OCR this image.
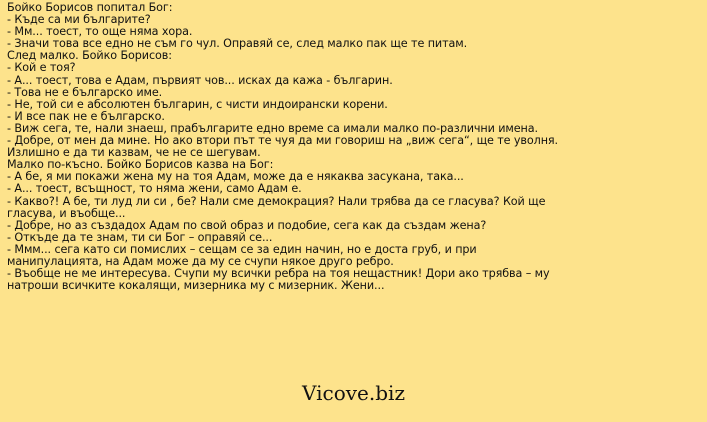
Бойко Борисов попитал Бог:
- Къде са ми българите?
- Мм... тоест, то още няма хора.
- Значи това все едно не съм го чул. Оправяй се, след малко пак ще те питам.
След малко. Бойко Борисов:
- Кой е тоя?
- А... тоест, това е Адам, първият чов... исках да кажа - българин.
- Това не е българско име.
- Не, той си е абсолютен българин, с чисти индоирански корени.
- И все пак не е българско.
- Виж сега, те, нали знаеш, прабългарите едно време са имали малко по-различни имена.
- Добре, от мен да мине. Но ако втори път те чуя да ми говориш на „виж сега“, ще те уволня.
Излишно е да ти казвам, че не се шегувам.
Малко по-късно. Бойко Борисов казва на Бог:
- А бе, я ми покажи жена му на тоя Адам, може да е някаква засукана, така...
- А... тоест, всъщност, то няма жени, само Адам е.
- Какво?! А бе, ти луд ли си , бе? Нали сме демокрация? Нали трябва да се гласува? Кой ще
гласува, и въобще...
- Добре, но аз създадох Адам по свой образ и подобие, сега как да създам жена?
- Откъде да те знам, ти си Бог – оправяй се...
- Ммм... сега като си помислих – сещам се за един начин, но е доста груб, и при
манипулацията, на Адам може да му се счупи някое друго ребро.
- Въобще не ме интересува. Счупи му всички ребра на тоя нещастник! Дори ако трябва – му
натроши всичките кокалящи, мизерника му с мизерник. Жени...
Vicove.biz
